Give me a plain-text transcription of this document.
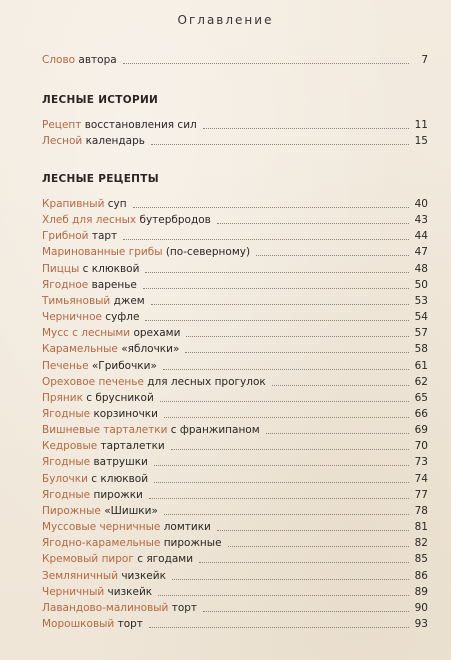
Оглавление
Слово автора	7
ЛЕСНЫЕ ИСТОРИИ
Рецепт восстановления сил	11
Лесной календарь	15
ЛЕСНЫЕ РЕЦЕПТЫ
Крапивный суп	40
Хлеб для лесных бутербродов	43
Грибной тарт	44
Маринованные грибы (по-северному)	47
Пиццы с клюквой	48
Ягодное варенье	50
Тимьяновый джем	53
Черничное суфле	54
Мусс с лесными орехами	57
Карамельные «яблочки»	58
Печенье «Грибочки»	61
Ореховое печенье для лесных прогулок	62
Пряник с брусникой	65
Ягодные корзиночки	66
Вишневые тарталетки с франжипаном	69
Кедровые тарталетки	70
Ягодные ватрушки	73
Булочки с клюквой	74
Ягодные пирожки	77
Пирожные «Шишки»	78
Муссовые черничные ломтики	81
Ягодно-карамельные пирожные	82
Кремовый пирог с ягодами	85
Земляничный чизкейк	86
Черничный чизкейк	89
Лавандово-малиновый торт	90
Морошковый торт	93
